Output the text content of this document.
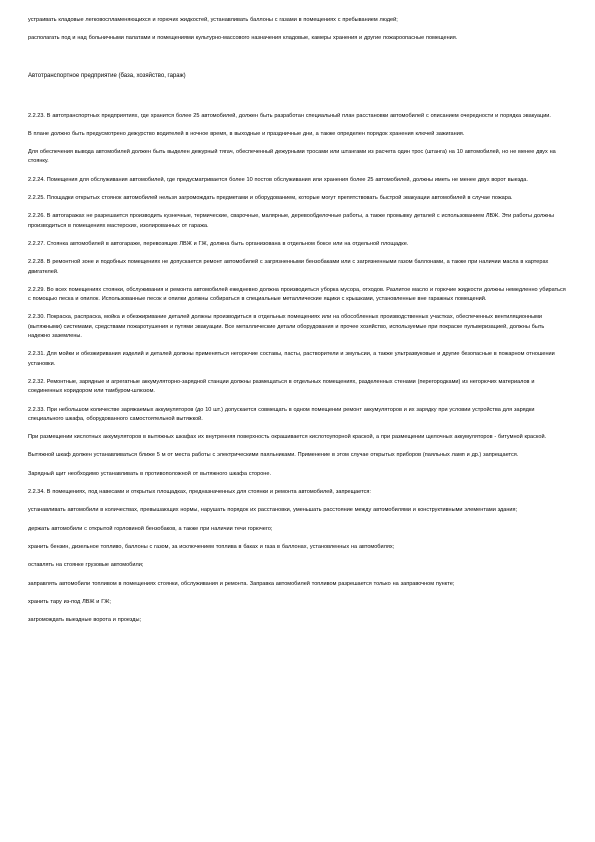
устраивать кладовые легковоспламеняющихся и горючих жидкостей, устанавливать баллоны с газами в помещениях с пребыванием людей;

располагать под и над больничными палатами и помещениями культурно-массового назначения кладовые, камеры хранения и другие пожароопасные помещения.

Автотранспортное предприятие (база, хозяйство, гараж)

2.2.23. В автотранспортных предприятиях, где хранится более 25 автомобилей, должен быть разработан специальный план расстановки автомобилей с описанием очередности и порядка эвакуации.

В плане должно быть предусмотрено дежурство водителей в ночное время, в выходные и праздничные дни, а также определен порядок хранения ключей зажигания.

Для обеспечения вывода автомобилей должен быть выделен дежурный тягач, обеспеченный дежурными тросами или штангами из расчета один трос (штанга) на 10 автомобилей, но не менее двух на стоянку.

2.2.24. Помещения для обслуживания автомобилей, где предусматривается более 10 постов обслуживания или хранения более 25 автомобилей, должны иметь не менее двух ворот выезда.

2.2.25. Площадки открытых стоянок автомобилей нельзя загромождать предметами и оборудованием, которые могут препятствовать быстрой эвакуации автомобилей в случае пожара.

2.2.26. В автогаражах не разрешается производить кузнечные, термические, сварочные, малярные, деревообделочные работы, а также промывку деталей с использованием ЛВЖ. Эти работы должны производиться в помещениях мастерских, изолированных от гаража.

2.2.27. Стоянка автомобилей в автогараже, перевозящих ЛВЖ и ГЖ, должна быть организована в отдельном боксе или на отдельной площадке.

2.2.28. В ремонтной зоне и подобных помещениях не допускается ремонт автомобилей с загрязненными бензобаками или с загрязненными газом баллонами, а также при наличии масла в картерах двигателей.

2.2.29. Во всех помещениях стоянки, обслуживания и ремонта автомобилей ежедневно должна производиться уборка мусора, отходов. Разлитое масло и горючие жидкости должны немедленно убираться с помощью песка и опилок. Использованные песок и опилки должны собираться в специальные металлические ящики с крышками, установленные вне гаражных помещений.

2.2.30. Покраска, распраска, мойка и обезжиривание деталей должны производиться в отдельных помещениях или на обособленных производственных участках, обеспеченных вентиляционными (вытяжными) системами, средствами пожаротушения и путями эвакуации. Все металлические детали оборудования и прочее хозяйство, используемые при покраске пульверизацией, должны быть надежно заземлены.

2.2.31. Для мойки и обезжиривания изделий и деталей должны применяться негорючие составы, пасты, растворители и эмульсии, а также ультразвуковые и другие безопасные в пожарном отношении установки.

2.2.32. Ремонтные, зарядные и агрегатные аккумуляторно-зарядной станции должны размещаться в отдельных помещениях, разделенных стенами (перегородками) из негорючих материалов и соединенных коридором или тамбуром-шлюзом.

2.2.33. При небольшом количестве заряжаемых аккумуляторов (до 10 шт.) допускается совмещать в одном помещении ремонт аккумуляторов и их зарядку при условии устройства для зарядки специального шкафа, оборудованного самостоятельной вытяжкой.

При размещении кислотных аккумуляторов в вытяжных шкафах их внутренняя поверхность окрашивается кислотоупорной краской, а при размещении щелочных аккумуляторов - битумной краской.

Вытяжной шкаф должен устанавливаться ближе 5 м от места работы с электрическими паяльниками. Применение в этом случае открытых приборов (паяльных ламп и др.) запрещается.

Зарядный щит необходимо устанавливать в противоположной от вытяжного шкафа стороне.

2.2.34. В помещениях, под навесами и открытых площадках, предназначенных для стоянки и ремонта автомобилей, запрещается:

устанавливать автомобили в количествах, превышающих нормы, нарушать порядок их расстановки, уменьшать расстояние между автомобилями и конструктивными элементами здания;

держать автомобили с открытой горловиной бензобаков, а также при наличии течи горючего;

хранить бензин, дизельное топливо, баллоны с газом, за исключением топлива в баках и газа в баллонах, установленных на автомобилях;

оставлять на стоянке грузовые автомобили;

заправлять автомобили топливом в помещениях стоянки, обслуживания и ремонта. Заправка автомобилей топливом разрешается только на заправочном пункте;

хранить тару из-под ЛВЖ и ГЖ;

загромождать выездные ворота и проезды;
